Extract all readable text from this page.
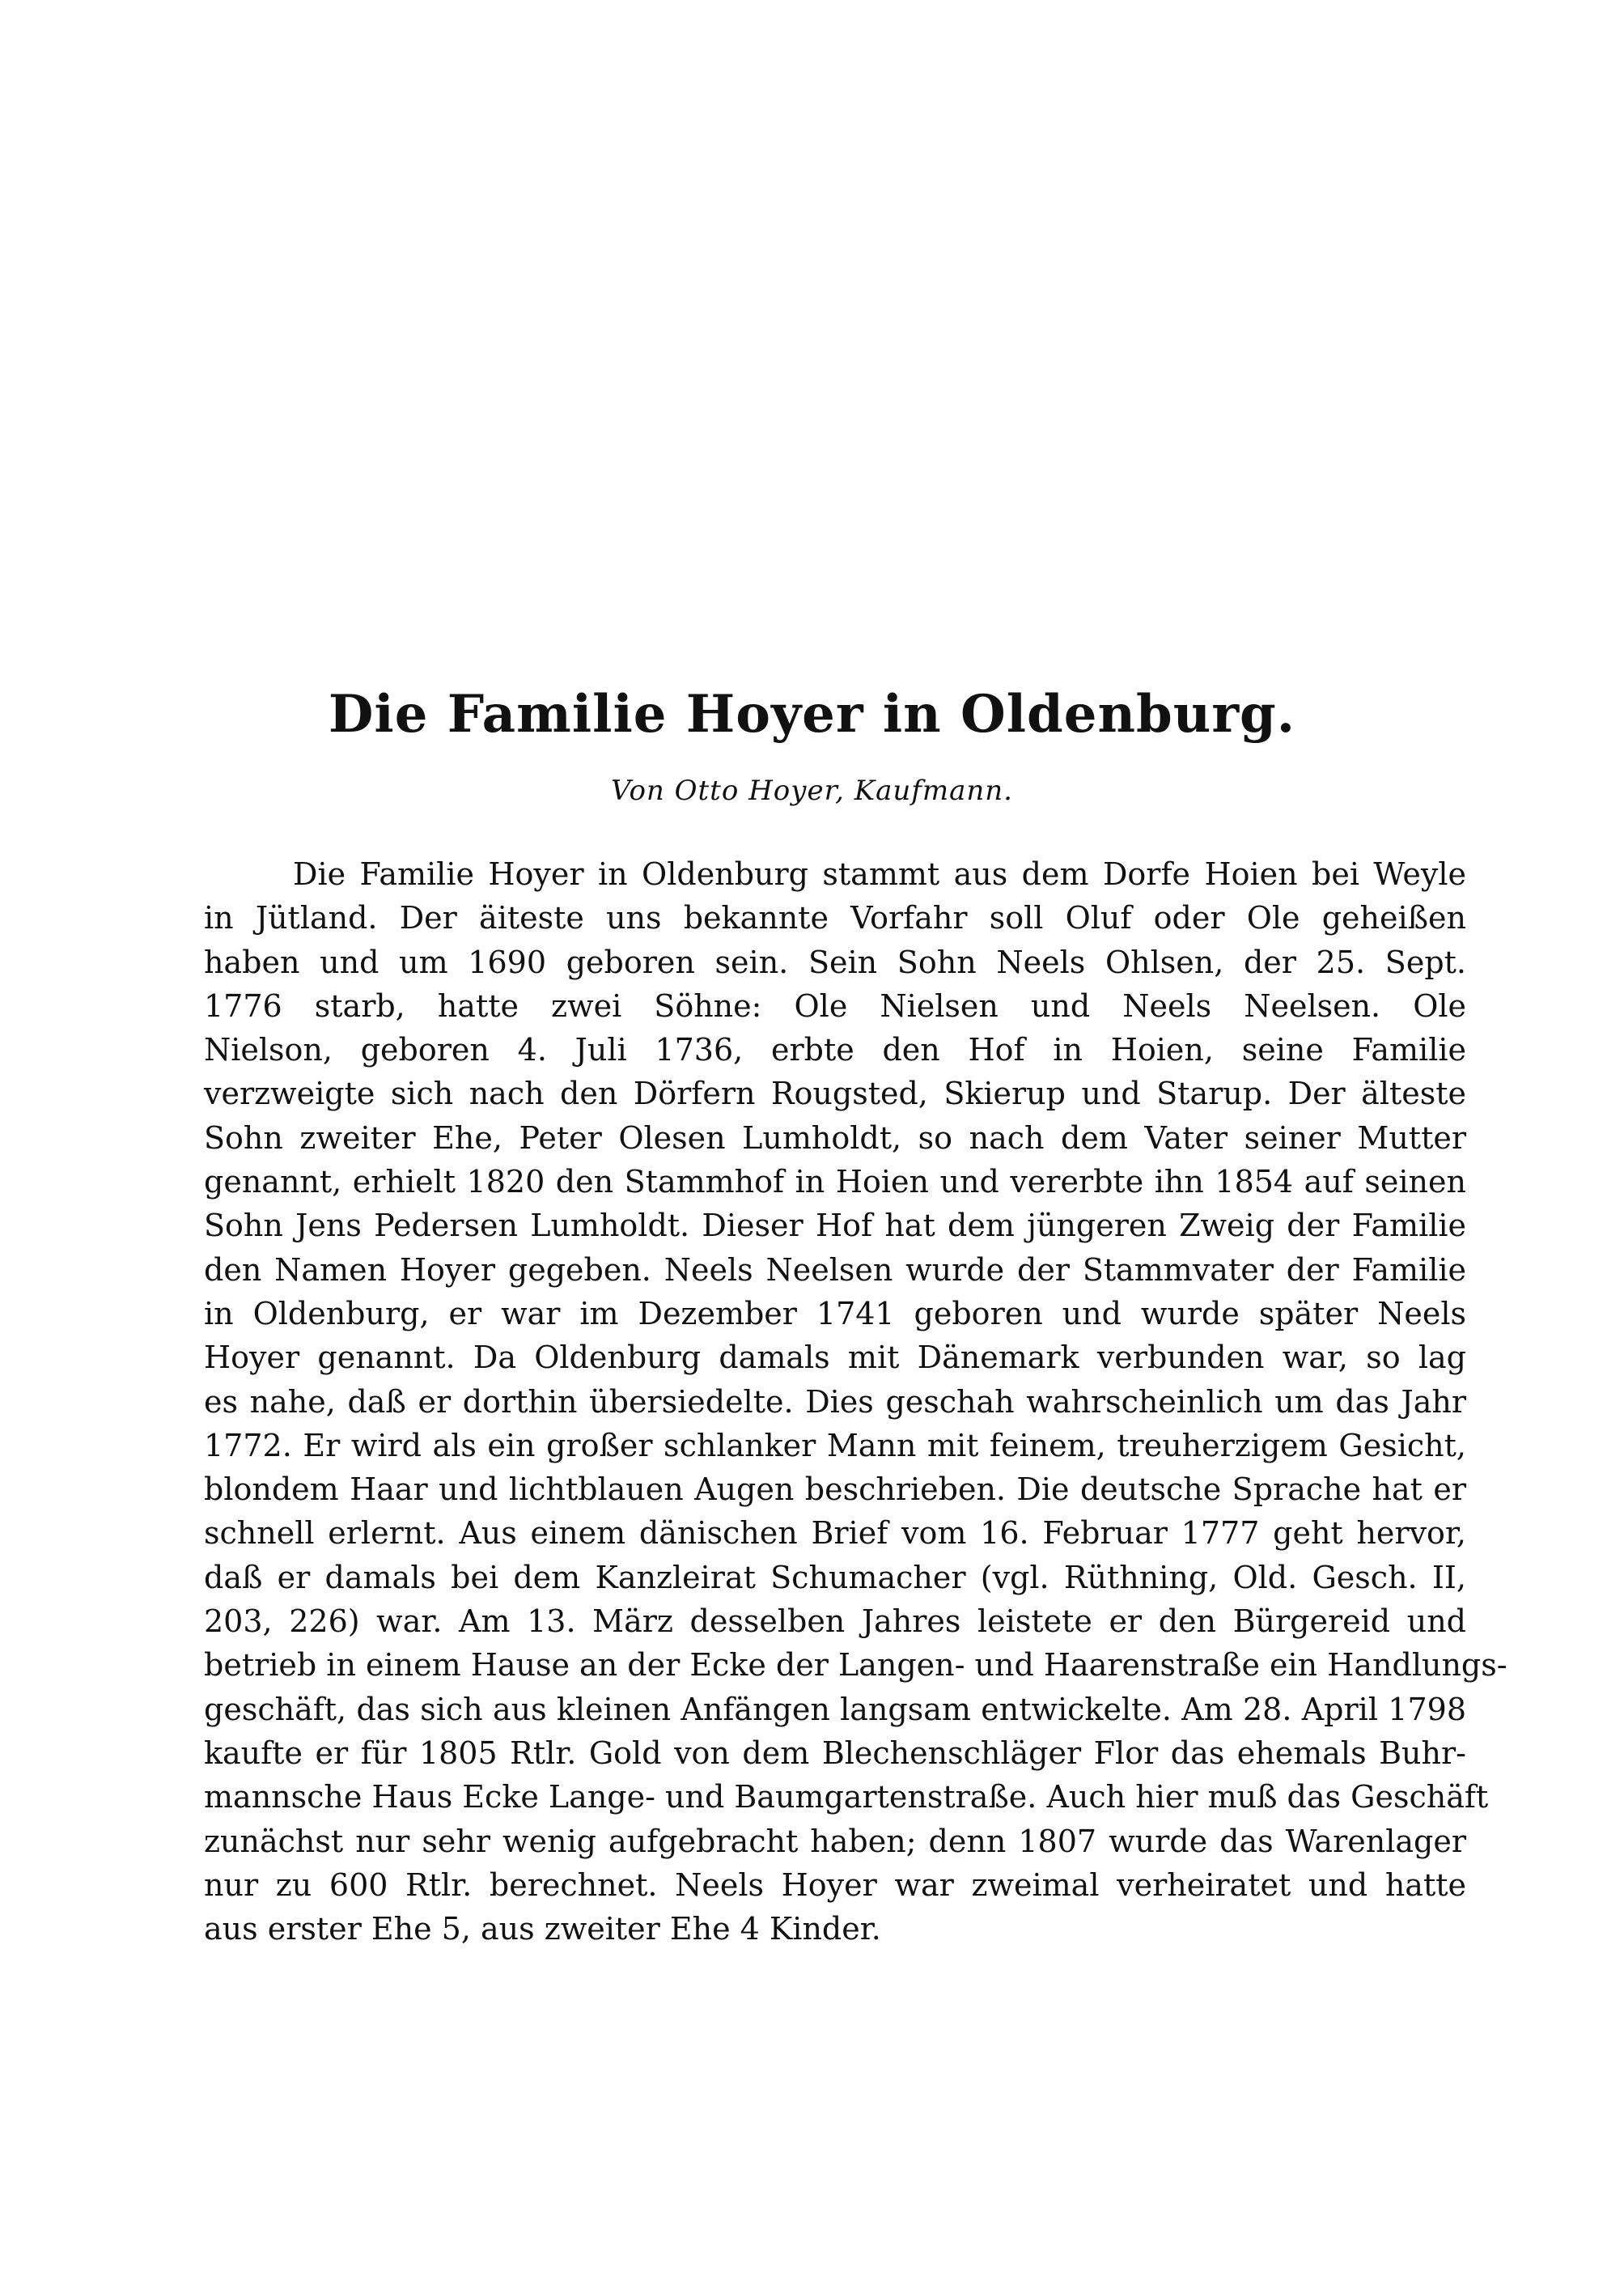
Die Familie Hoyer in Oldenburg.
Von Otto Hoyer, Kaufmann.
Die Familie Hoyer in Oldenburg stammt aus dem Dorfe Hoien bei Weyle
in Jütland. Der äiteste uns bekannte Vorfahr soll Oluf oder Ole geheißen
haben und um 1690 geboren sein. Sein Sohn Neels Ohlsen, der 25. Sept.
1776 starb, hatte zwei Söhne: Ole Nielsen und Neels Neelsen. Ole
Nielson, geboren 4. Juli 1736, erbte den Hof in Hoien, seine Familie
verzweigte sich nach den Dörfern Rougsted, Skierup und Starup. Der älteste
Sohn zweiter Ehe, Peter Olesen Lumholdt, so nach dem Vater seiner Mutter
genannt, erhielt 1820 den Stammhof in Hoien und vererbte ihn 1854 auf seinen
Sohn Jens Pedersen Lumholdt. Dieser Hof hat dem jüngeren Zweig der Familie
den Namen Hoyer gegeben. Neels Neelsen wurde der Stammvater der Familie
in Oldenburg, er war im Dezember 1741 geboren und wurde später Neels
Hoyer genannt. Da Oldenburg damals mit Dänemark verbunden war, so lag
es nahe, daß er dorthin übersiedelte. Dies geschah wahrscheinlich um das Jahr
1772. Er wird als ein großer schlanker Mann mit feinem, treuherzigem Gesicht,
blondem Haar und lichtblauen Augen beschrieben. Die deutsche Sprache hat er
schnell erlernt. Aus einem dänischen Brief vom 16. Februar 1777 geht hervor,
daß er damals bei dem Kanzleirat Schumacher (vgl. Rüthning, Old. Gesch. II,
203, 226) war. Am 13. März desselben Jahres leistete er den Bürgereid und
betrieb in einem Hause an der Ecke der Langen- und Haarenstraße ein Handlungs-
geschäft, das sich aus kleinen Anfängen langsam entwickelte. Am 28. April 1798
kaufte er für 1805 Rtlr. Gold von dem Blechenschläger Flor das ehemals Buhr-
mannsche Haus Ecke Lange- und Baumgartenstraße. Auch hier muß das Geschäft
zunächst nur sehr wenig aufgebracht haben; denn 1807 wurde das Warenlager
nur zu 600 Rtlr. berechnet. Neels Hoyer war zweimal verheiratet und hatte
aus erster Ehe 5, aus zweiter Ehe 4 Kinder.
